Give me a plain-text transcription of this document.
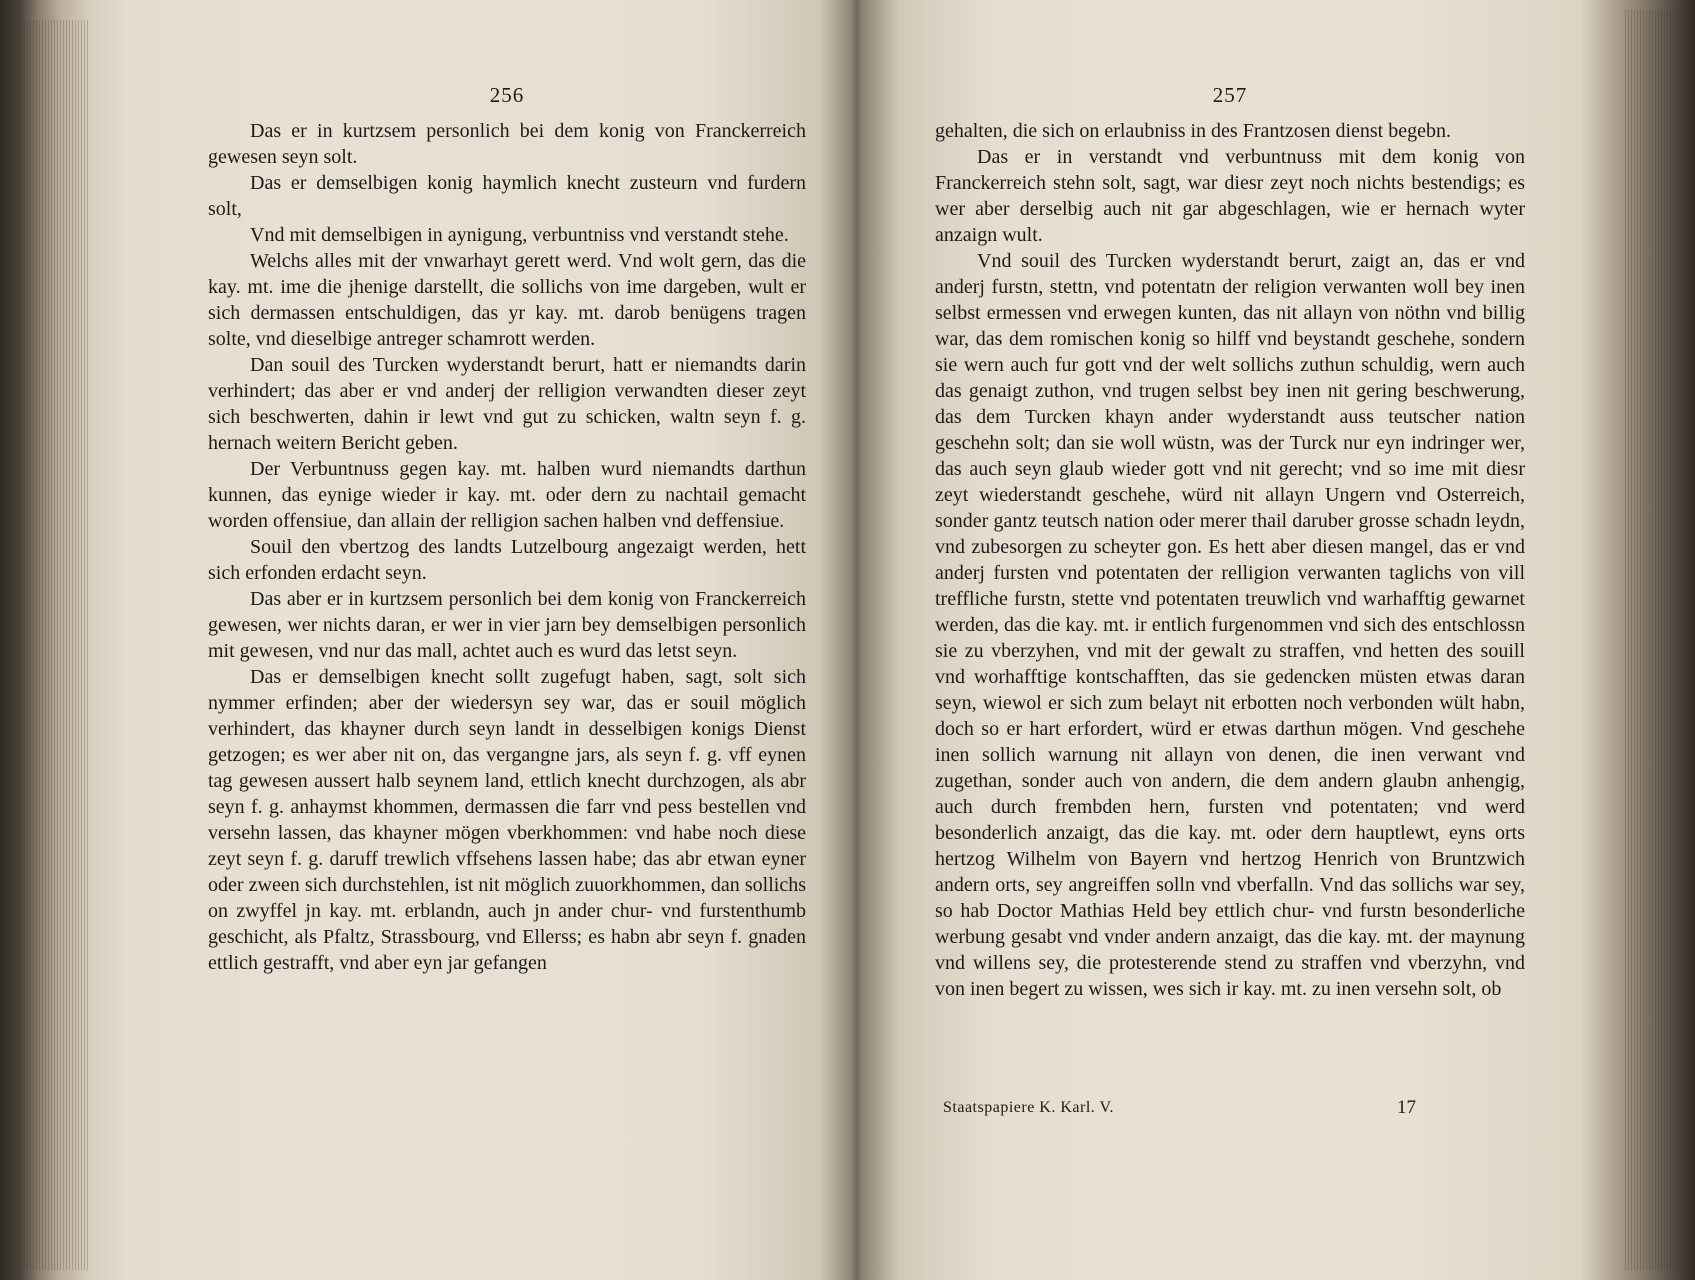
256

Das er in kurtzsem personlich bei dem konig von Franckerreich gewesen seyn solt.

Das er demselbigen konig haymlich knecht zusteurn vnd furdern solt,

Vnd mit demselbigen in aynigung, verbuntniss vnd verstandt stehe.

Welchs alles mit der vnwarhayt gerett werd. Vnd wolt gern, das die kay. mt. ime die jhenige darstellt, die sollichs von ime dargeben, wult er sich dermassen entschuldigen, das yr kay. mt. darob benügens tragen solte, vnd dieselbige antreger schamrott werden.

Dan souil des Turcken wyderstandt berurt, hatt er niemandts darin verhindert; das aber er vnd anderj der relligion verwandten dieser zeyt sich beschwerten, dahin ir lewt vnd gut zu schicken, waltn seyn f. g. hernach weitern Bericht geben.

Der Verbuntnuss gegen kay. mt. halben wurd niemandts darthun kunnen, das eynige wieder ir kay. mt. oder dern zu nachtail gemacht worden offensiue, dan allain der relligion sachen halben vnd deffensiue.

Souil den vbertzog des landts Lutzelbourg angezaigt werden, hett sich erfonden erdacht seyn.

Das aber er in kurtzsem personlich bei dem konig von Franckerreich gewesen, wer nichts daran, er wer in vier jarn bey demselbigen personlich mit gewesen, vnd nur das mall, achtet auch es wurd das letst seyn.

Das er demselbigen knecht sollt zugefugt haben, sagt, solt sich nymmer erfinden; aber der wiedersyn sey war, das er souil möglich verhindert, das khayner durch seyn landt in desselbigen konigs Dienst getzogen; es wer aber nit on, das vergangne jars, als seyn f. g. vff eynen tag gewesen aussert halb seynem land, ettlich knecht durchzogen, als abr seyn f. g. anhaymst khommen, dermassen die farr vnd pess bestellen vnd versehn lassen, das khayner mögen vberkhommen: vnd habe noch diese zeyt seyn f. g. daruff trewlich vffsehens lassen habe; das abr etwan eyner oder zween sich durchstehlen, ist nit möglich zuuorkhommen, dan sollichs on zwyffel jn kay. mt. erblandn, auch jn ander chur- vnd furstenthumb geschicht, als Pfaltz, Strassbourg, vnd Ellerss; es habn abr seyn f. gnaden ettlich gestrafft, vnd aber eyn jar gefangen

257

gehalten, die sich on erlaubniss in des Frantzosen dienst begebn.

Das er in verstandt vnd verbuntnuss mit dem konig von Franckerreich stehn solt, sagt, war diesr zeyt noch nichts bestendigs; es wer aber derselbig auch nit gar abgeschlagen, wie er hernach wyter anzaign wult.

Vnd souil des Turcken wyderstandt berurt, zaigt an, das er vnd anderj furstn, stettn, vnd potentatn der religion verwanten woll bey inen selbst ermessen vnd erwegen kunten, das nit allayn von nöthn vnd billig war, das dem romischen konig so hilff vnd beystandt geschehe, sondern sie wern auch fur gott vnd der welt sollichs zuthun schuldig, wern auch das genaigt zuthon, vnd trugen selbst bey inen nit gering beschwerung, das dem Turcken khayn ander wyderstandt auss teutscher nation geschehn solt; dan sie woll wüstn, was der Turck nur eyn indringer wer, das auch seyn glaub wieder gott vnd nit gerecht; vnd so ime mit diesr zeyt wiederstandt geschehe, würd nit allayn Ungern vnd Osterreich, sonder gantz teutsch nation oder merer thail daruber grosse schadn leydn, vnd zubesorgen zu scheyter gon. Es hett aber diesen mangel, das er vnd anderj fursten vnd potentaten der relligion verwanten taglichs von vill treffliche furstn, stette vnd potentaten treuwlich vnd warhafftig gewarnet werden, das die kay. mt. ir entlich furgenommen vnd sich des entschlossn sie zu vberzyhen, vnd mit der gewalt zu straffen, vnd hetten des souill vnd worhafftige kontschafften, das sie gedencken müsten etwas daran seyn, wiewol er sich zum belayt nit erbotten noch verbonden wült habn, doch so er hart erfordert, würd er etwas darthun mögen. Vnd geschehe inen sollich warnung nit allayn von denen, die inen verwant vnd zugethan, sonder auch von andern, die dem andern glaubn anhengig, auch durch frembden hern, fursten vnd potentaten; vnd werd besonderlich anzaigt, das die kay. mt. oder dern hauptlewt, eyns orts hertzog Wilhelm von Bayern vnd hertzog Henrich von Bruntzwich andern orts, sey angreiffen solln vnd vberfalln. Vnd das sollichs war sey, so hab Doctor Mathias Held bey ettlich chur- vnd furstn besonderliche werbung gesabt vnd vnder andern anzaigt, das die kay. mt. der maynung vnd willens sey, die protesterende stend zu straffen vnd vberzyhn, vnd von inen begert zu wissen, wes sich ir kay. mt. zu inen versehn solt, ob

Staatspapiere K. Karl. V.	17
